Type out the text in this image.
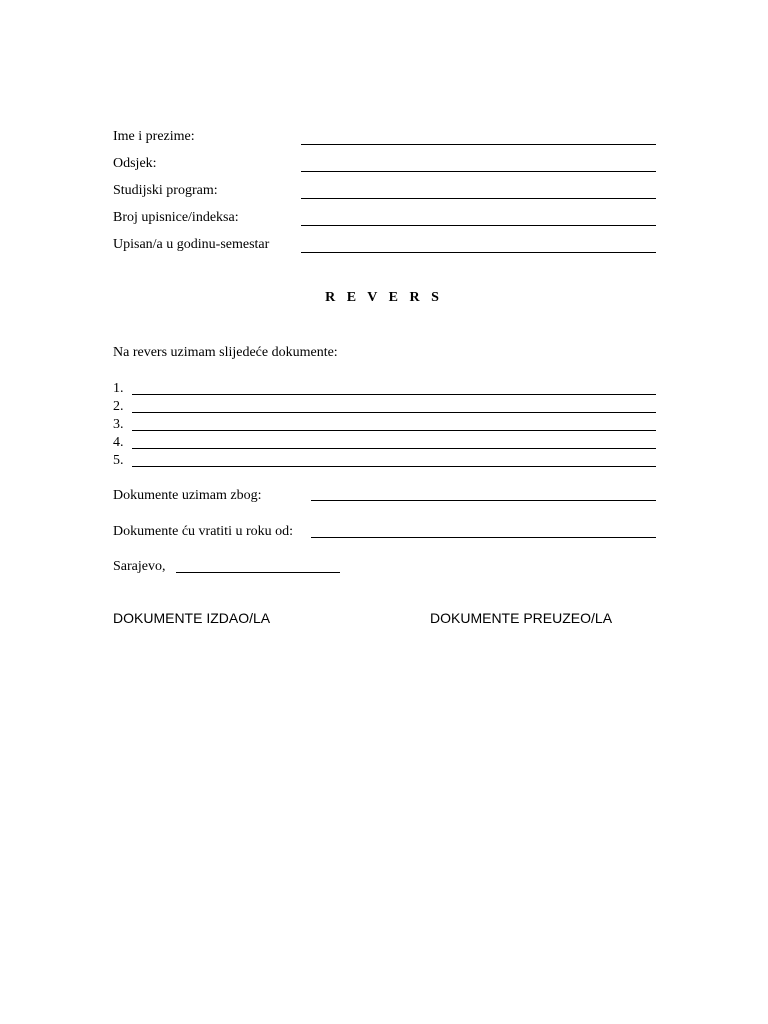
Ime i prezime:
Odsjek:
Studijski program:
Broj upisnice/indeksa:
Upisan/a u godinu-semestar
R E V E R S
Na revers uzimam slijedeće dokumente:
1.
2.
3.
4.
5.
Dokumente uzimam zbog:
Dokumente ću vratiti u roku od:
Sarajevo,
DOKUMENTE IZDAO/LA	DOKUMENTE PREUZEO/LA
